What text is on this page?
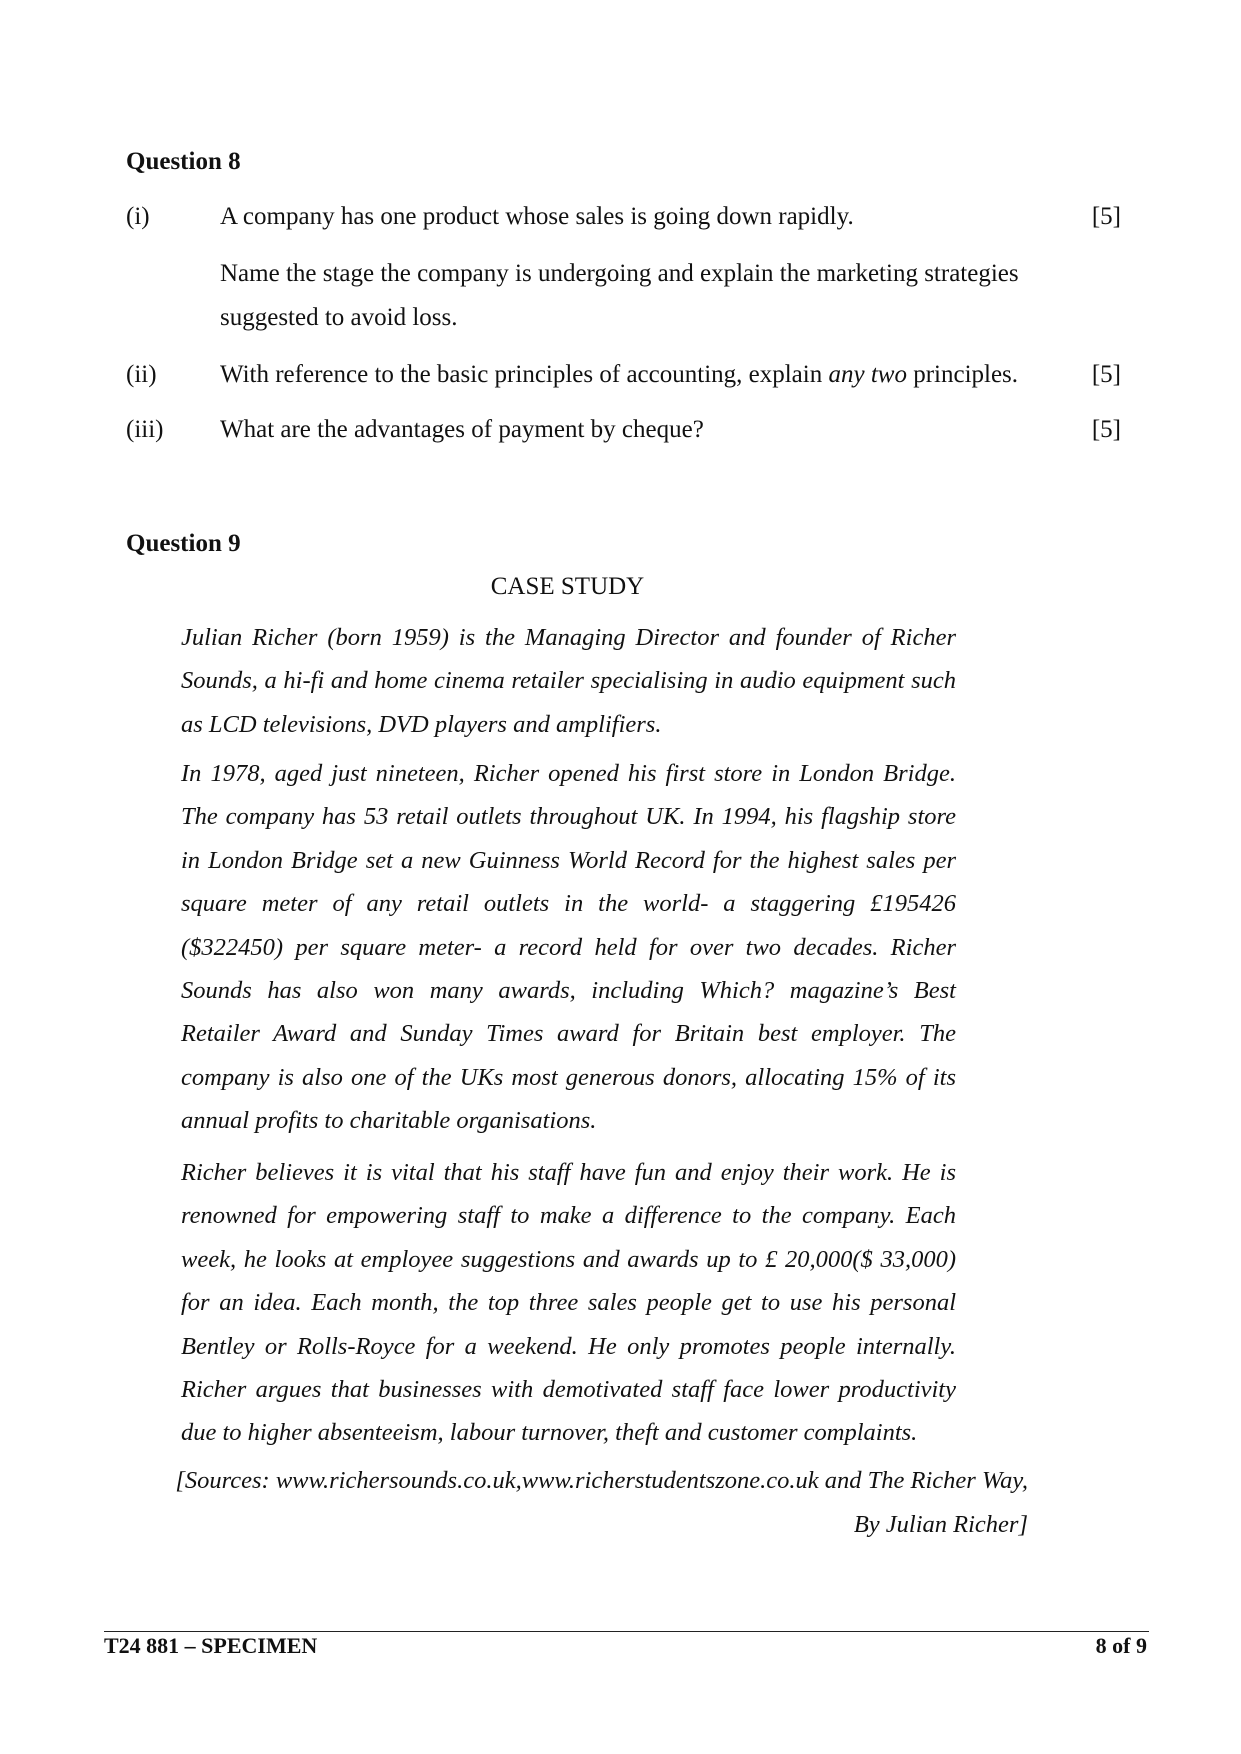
Question 8
(i)	A company has one product whose sales is going down rapidly.	[5]
Name the stage the company is undergoing and explain the marketing strategies suggested to avoid loss.
(ii)	With reference to the basic principles of accounting, explain any two principles.	[5]
(iii) What are the advantages of payment by cheque?	[5]
Question 9
CASE STUDY
Julian Richer (born 1959) is the Managing Director and founder of Richer Sounds, a hi-fi and home cinema retailer specialising in audio equipment such as LCD televisions, DVD players and amplifiers.
In 1978, aged just nineteen, Richer opened his first store in London Bridge. The company has 53 retail outlets throughout UK. In 1994, his flagship store in London Bridge set a new Guinness World Record for the highest sales per square meter of any retail outlets in the world- a staggering £195426 ($322450) per square meter- a record held for over two decades. Richer Sounds has also won many awards, including Which? magazine’s Best Retailer Award and Sunday Times award for Britain best employer. The company is also one of the UKs most generous donors, allocating 15% of its annual profits to charitable organisations.
Richer believes it is vital that his staff have fun and enjoy their work. He is renowned for empowering staff to make a difference to the company. Each week, he looks at employee suggestions and awards up to £ 20,000($ 33,000) for an idea. Each month, the top three sales people get to use his personal Bentley or Rolls-Royce for a weekend. He only promotes people internally. Richer argues that businesses with demotivated staff face lower productivity due to higher absenteeism, labour turnover, theft and customer complaints.
[Sources: www.richersounds.co.uk,www.richerstudentszone.co.uk and The Richer Way,
By Julian Richer]
T24 881 – SPECIMEN	8 of 9
